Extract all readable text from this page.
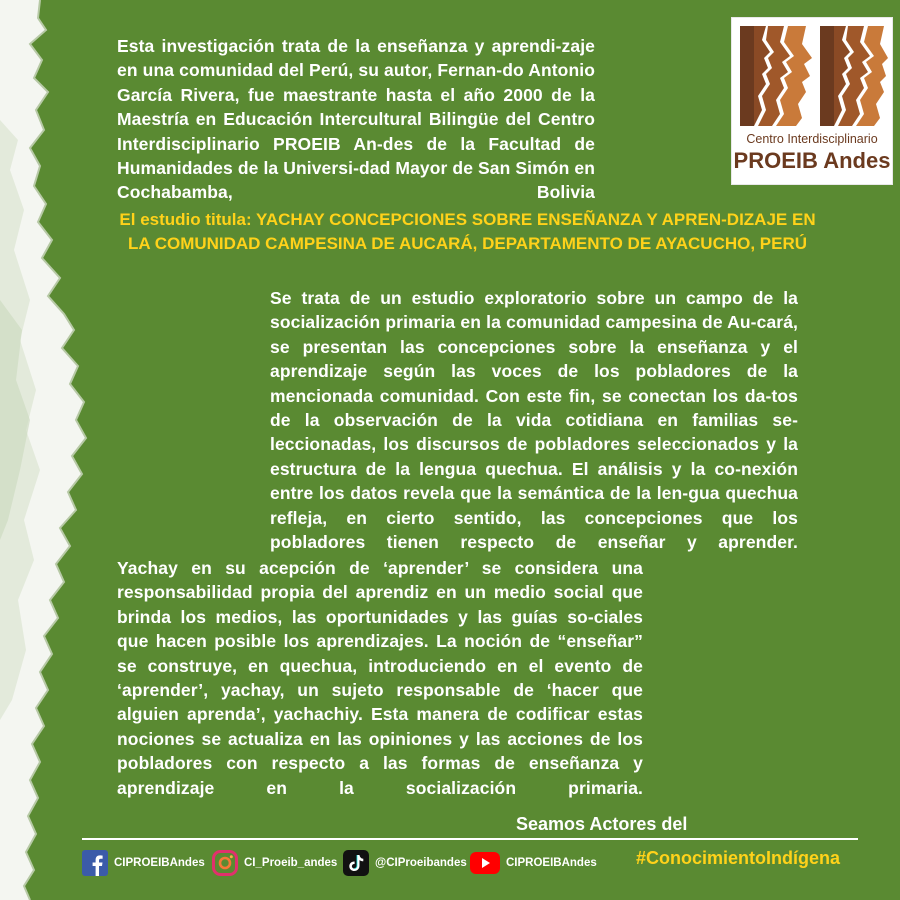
Esta investigación trata de la enseñanza y aprendi-zaje en una comunidad del Perú, su autor, Fernan-do Antonio García Rivera, fue maestrante hasta el año 2000 de la Maestría en Educación Intercultural Bilingüe del Centro Interdisciplinario PROEIB An-des de la Facultad de Humanidades de la Universi-dad Mayor de San Simón en Cochabamba, Bolivia
El estudio titula: YACHAY CONCEPCIONES SOBRE ENSEÑANZA Y APREN-DIZAJE EN LA COMUNIDAD CAMPESINA DE AUCARÁ, DEPARTAMENTO DE AYACUCHO, PERÚ
Se trata de un estudio exploratorio sobre un campo de la socialización primaria en la comunidad campesina de Au-cará, se presentan las concepciones sobre la enseñanza y el aprendizaje según las voces de los pobladores de la mencionada comunidad. Con este fin, se conectan los da-tos de la observación de la vida cotidiana en familias se-leccionadas, los discursos de pobladores seleccionados y la estructura de la lengua quechua. El análisis y la co-nexión entre los datos revela que la semántica de la len-gua quechua refleja, en cierto sentido, las concepciones que los pobladores tienen respecto de enseñar y aprender.
Yachay en su acepción de ‘aprender’ se considera una responsabilidad propia del aprendiz en un medio social que brinda los medios, las oportunidades y las guías so-ciales que hacen posible los aprendizajes. La noción de “enseñar” se construye, en quechua, introduciendo en el evento de ‘aprender’, yachay, un sujeto responsable de ‘hacer que alguien aprenda’, yachachiy. Esta manera de codificar estas nociones se actualiza en las opiniones y las acciones de los pobladores con respecto a las formas de enseñanza y aprendizaje en la socialización primaria.
Centro Interdisciplinario
PROEIB Andes
Seamos Actores del
#ConocimientoIndígena
CIPROEIBAndes	CI_Proeib_andes	@CIProeibandes	CIPROEIBAndes
